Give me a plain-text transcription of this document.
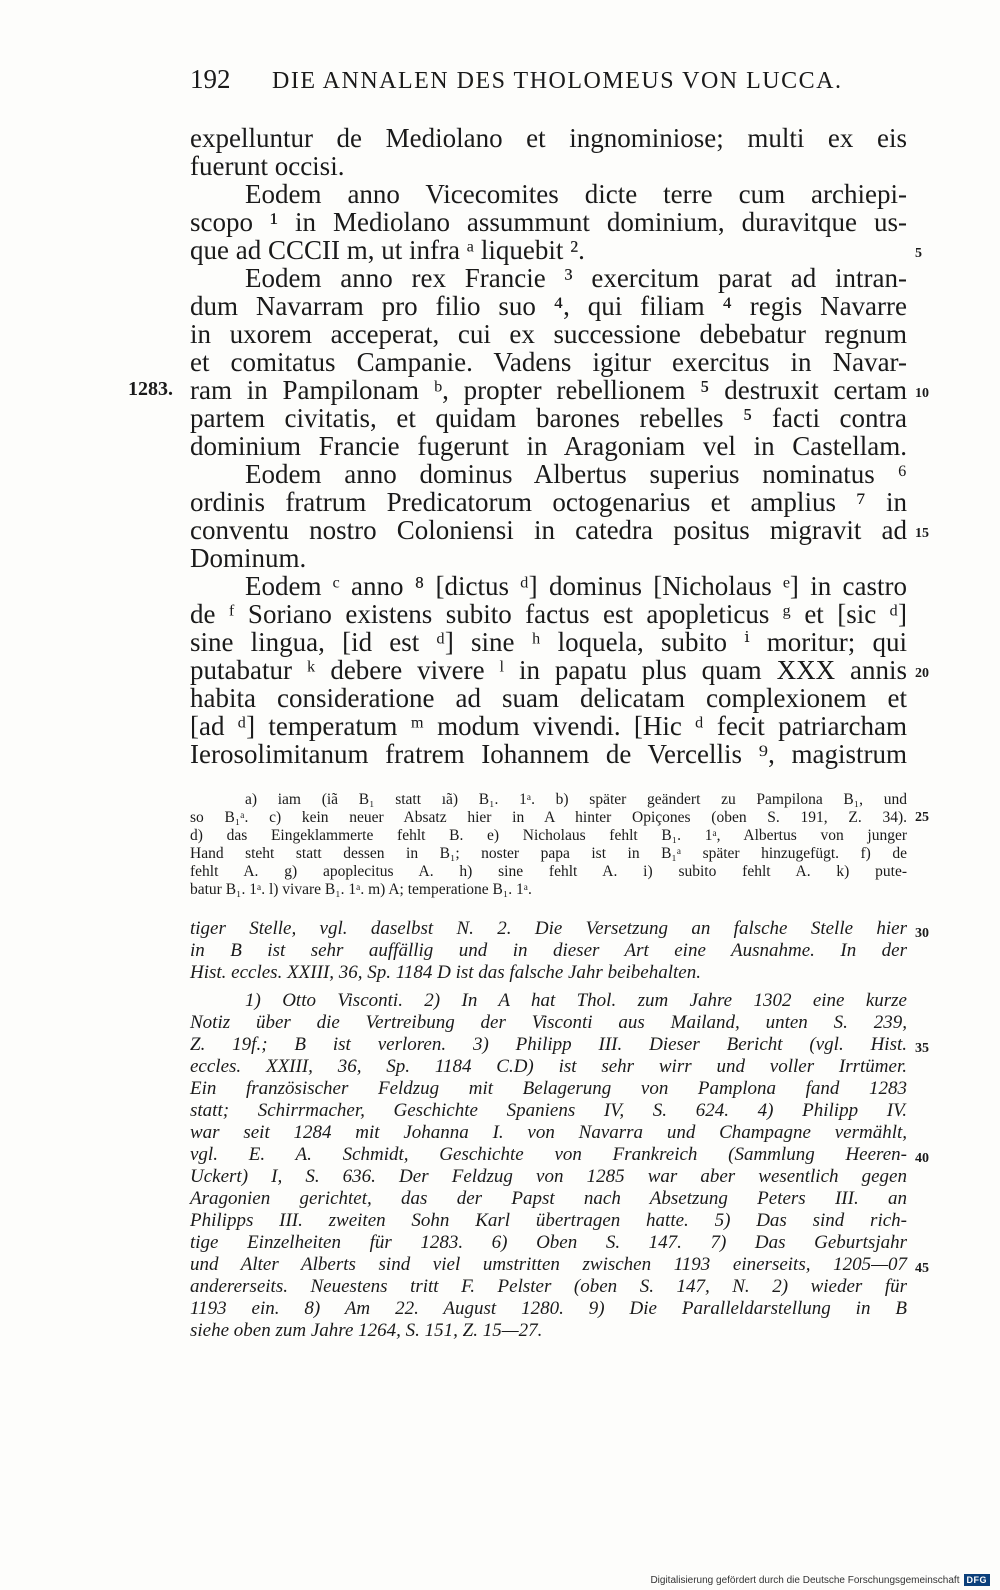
192	DIE ANNALEN DES THOLOMEUS VON LUCCA.
expelluntur de Mediolano et ingnominiose; multi ex eis
fuerunt occisi.
Eodem anno Vicecomites dicte terre cum archiepi-
scopo ¹ in Mediolano assummunt dominium, duravitque us-
que ad CCCII m, ut infra ᵃ liquebit ².
Eodem anno rex Francie ³ exercitum parat ad intran-
dum Navarram pro filio suo ⁴, qui filiam ⁴ regis Navarre
in uxorem acceperat, cui ex successione debebatur regnum
et comitatus Campanie. Vadens igitur exercitus in Navar-
ram in Pampilonam ᵇ, propter rebellionem ⁵ destruxit certam
partem civitatis, et quidam barones rebelles ⁵ facti contra
dominium Francie fugerunt in Aragoniam vel in Castellam.
Eodem anno dominus Albertus superius nominatus ⁶
ordinis fratrum Predicatorum octogenarius et amplius ⁷ in
conventu nostro Coloniensi in catedra positus migravit ad
Dominum.
Eodem ᶜ anno ⁸ [dictus ᵈ] dominus [Nicholaus ᵉ] in castro
de ᶠ Soriano existens subito factus est apopleticus ᵍ et [sic ᵈ]
sine lingua, [id est ᵈ] sine ʰ loquela, subito ⁱ moritur; qui
putabatur ᵏ debere vivere ˡ in papatu plus quam XXX annis
habita consideratione ad suam delicatam complexionem et
[ad ᵈ] temperatum ᵐ modum vivendi. [Hic ᵈ fecit patriarcham
Ierosolimitanum fratrem Iohannem de Vercellis ⁹, magistrum
1283.
5
10
15
20
25
30
35
40
45
a) iam (iã B₁ statt ıã) B₁. 1ᵃ. b) später geändert zu Pampilona B₁, und
so B₁ᵃ. c) kein neuer Absatz hier in A hinter Opiçones (oben S. 191, Z. 34).
d) das Eingeklammerte fehlt B. e) Nicholaus fehlt B₁. 1ᵃ, Albertus von junger
Hand steht statt dessen in B₁; noster papa ist in B₁ᵃ später hinzugefügt. f) de
fehlt A. g) apoplecitus A. h) sine fehlt A. i) subito fehlt A. k) pute-
batur B₁. 1ᵃ. l) vivare B₁. 1ᵃ. m) A; temperatione B₁. 1ᵃ.
tiger Stelle, vgl. daselbst N. 2. Die Versetzung an falsche Stelle hier
in B ist sehr auffällig und in dieser Art eine Ausnahme. In der
Hist. eccles. XXIII, 36, Sp. 1184 D ist das falsche Jahr beibehalten.
1) Otto Visconti. 2) In A hat Thol. zum Jahre 1302 eine kurze
Notiz über die Vertreibung der Visconti aus Mailand, unten S. 239,
Z. 19f.; B ist verloren. 3) Philipp III. Dieser Bericht (vgl. Hist.
eccles. XXIII, 36, Sp. 1184 C.D) ist sehr wirr und voller Irrtümer.
Ein französischer Feldzug mit Belagerung von Pamplona fand 1283
statt; Schirrmacher, Geschichte Spaniens IV, S. 624. 4) Philipp IV.
war seit 1284 mit Johanna I. von Navarra und Champagne vermählt,
vgl. E. A. Schmidt, Geschichte von Frankreich (Sammlung Heeren-
Uckert) I, S. 636. Der Feldzug von 1285 war aber wesentlich gegen
Aragonien gerichtet, das der Papst nach Absetzung Peters III. an
Philipps III. zweiten Sohn Karl übertragen hatte. 5) Das sind rich-
tige Einzelheiten für 1283. 6) Oben S. 147. 7) Das Geburtsjahr
und Alter Alberts sind viel umstritten zwischen 1193 einerseits, 1205—07
andererseits. Neuestens tritt F. Pelster (oben S. 147, N. 2) wieder für
1193 ein. 8) Am 22. August 1280. 9) Die Paralleldarstellung in B
siehe oben zum Jahre 1264, S. 151, Z. 15—27.
Digitalisierung gefördert durch die Deutsche Forschungsgemeinschaft DFG
